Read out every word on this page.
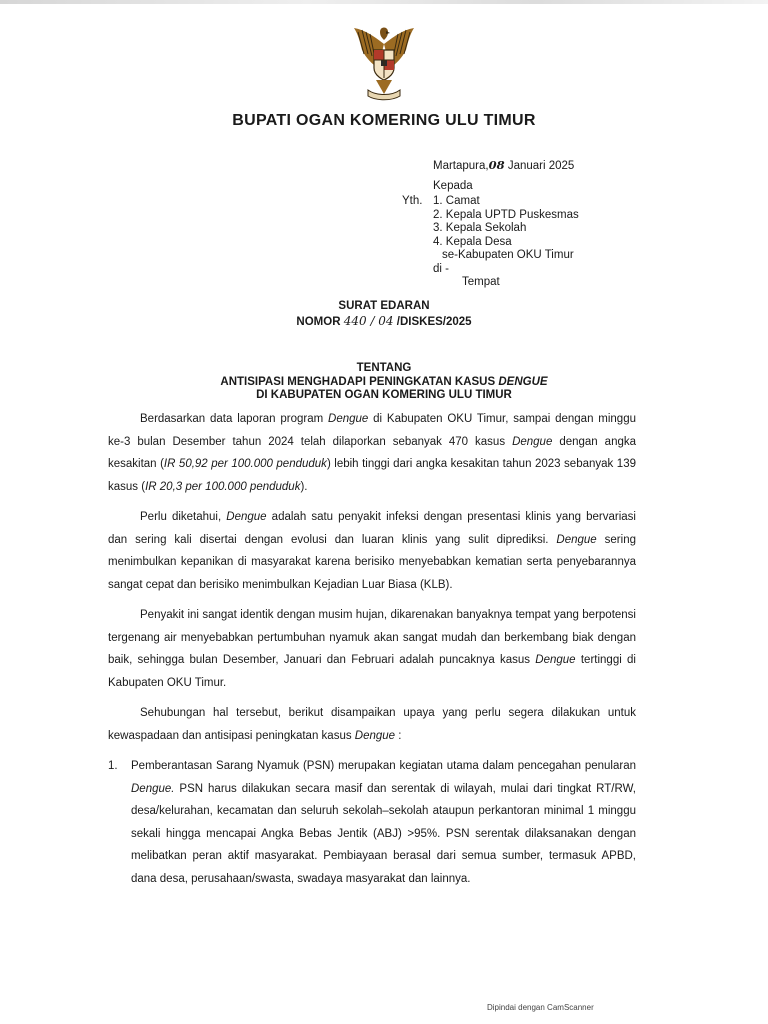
BUPATI OGAN KOMERING ULU TIMUR
Martapura,08 Januari 2025
Kepada
Yth. 1. Camat
2. Kepala UPTD Puskesmas
3. Kepala Sekolah
4. Kepala Desa
se-Kabupaten OKU Timur
di -
Tempat
SURAT EDARAN
NOMOR 440 / 04 /DISKES/2025
TENTANG
ANTISIPASI MENGHADAPI PENINGKATAN KASUS DENGUE
DI KABUPATEN OGAN KOMERING ULU TIMUR

Berdasarkan data laporan program Dengue di Kabupaten OKU Timur, sampai dengan minggu ke-3 bulan Desember tahun 2024 telah dilaporkan sebanyak 470 kasus Dengue dengan angka kesakitan (IR 50,92 per 100.000 penduduk) lebih tinggi dari angka kesakitan tahun 2023 sebanyak 139 kasus (IR 20,3 per 100.000 penduduk).

Perlu diketahui, Dengue adalah satu penyakit infeksi dengan presentasi klinis yang bervariasi dan sering kali disertai dengan evolusi dan luaran klinis yang sulit diprediksi. Dengue sering menimbulkan kepanikan di masyarakat karena berisiko menyebabkan kematian serta penyebarannya sangat cepat dan berisiko menimbulkan Kejadian Luar Biasa (KLB).

Penyakit ini sangat identik dengan musim hujan, dikarenakan banyaknya tempat yang berpotensi tergenang air menyebabkan pertumbuhan nyamuk akan sangat mudah dan berkembang biak dengan baik, sehingga bulan Desember, Januari dan Februari adalah puncaknya kasus Dengue tertinggi di Kabupaten OKU Timur.

Sehubungan hal tersebut, berikut disampaikan upaya yang perlu segera dilakukan untuk kewaspadaan dan antisipasi peningkatan kasus Dengue :

1. Pemberantasan Sarang Nyamuk (PSN) merupakan kegiatan utama dalam pencegahan penularan Dengue. PSN harus dilakukan secara masif dan serentak di wilayah, mulai dari tingkat RT/RW, desa/kelurahan, kecamatan dan seluruh sekolah–sekolah ataupun perkantoran minimal 1 minggu sekali hingga mencapai Angka Bebas Jentik (ABJ) >95%. PSN serentak dilaksanakan dengan melibatkan peran aktif masyarakat. Pembiayaan berasal dari semua sumber, termasuk APBD, dana desa, perusahaan/swasta, swadaya masyarakat dan lainnya.

Dipindai dengan CamScanner
